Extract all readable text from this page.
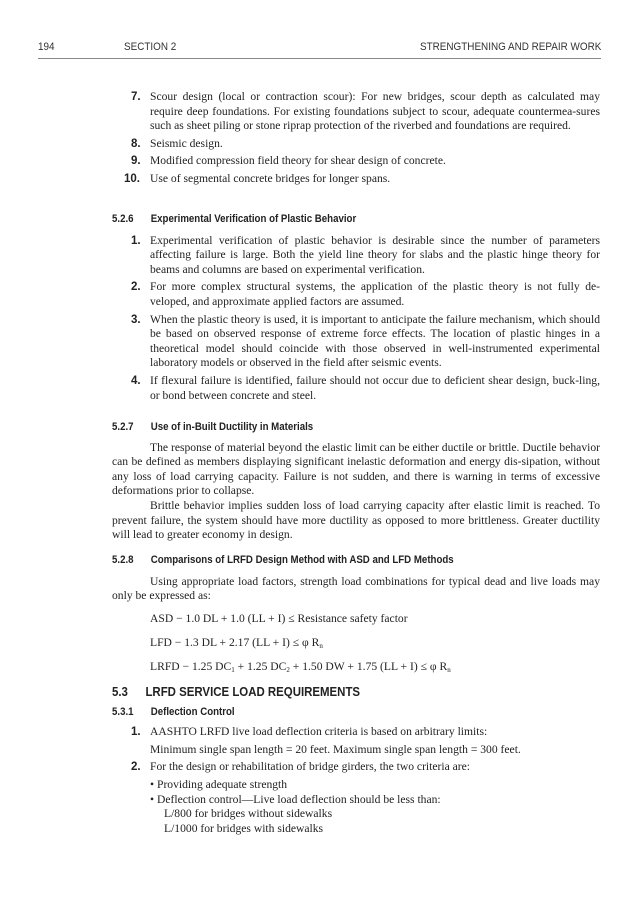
194	SECTION 2	STRENGTHENING AND REPAIR WORK
7. Scour design (local or contraction scour): For new bridges, scour depth as calculated may require deep foundations. For existing foundations subject to scour, adequate countermea-sures such as sheet piling or stone riprap protection of the riverbed and foundations are required.
8. Seismic design.
9. Modified compression field theory for shear design of concrete.
10. Use of segmental concrete bridges for longer spans.
5.2.6 Experimental Verification of Plastic Behavior
1. Experimental verification of plastic behavior is desirable since the number of parameters affecting failure is large. Both the yield line theory for slabs and the plastic hinge theory for beams and columns are based on experimental verification.
2. For more complex structural systems, the application of the plastic theory is not fully de-veloped, and approximate applied factors are assumed.
3. When the plastic theory is used, it is important to anticipate the failure mechanism, which should be based on observed response of extreme force effects. The location of plastic hinges in a theoretical model should coincide with those observed in well-instrumented experimental laboratory models or observed in the field after seismic events.
4. If flexural failure is identified, failure should not occur due to deficient shear design, buck-ling, or bond between concrete and steel.
5.2.7 Use of in-Built Ductility in Materials

The response of material beyond the elastic limit can be either ductile or brittle. Ductile behavior can be defined as members displaying significant inelastic deformation and energy dis-sipation, without any loss of load carrying capacity. Failure is not sudden, and there is warning in terms of excessive deformations prior to collapse.

Brittle behavior implies sudden loss of load carrying capacity after elastic limit is reached. To prevent failure, the system should have more ductility as opposed to more brittleness. Greater ductility will lead to greater economy in design.

5.2.8 Comparisons of LRFD Design Method with ASD and LFD Methods

Using appropriate load factors, strength load combinations for typical dead and live loads may only be expressed as:

ASD − 1.0 DL + 1.0 (LL + I) ≤ Resistance safety factor
LFD − 1.3 DL + 2.17 (LL + I) ≤ φ $R_n$
LRFD − 1.25 $DC_1 + 1.25$ $DC_2 + 1.50$ DW + 1.75 (LL + I) ≤ φ $R_n$
5.3 LRFD SERVICE LOAD REQUIREMENTS
5.3.1 Deflection Control
1. AASHTO LRFD live load deflection criteria is based on arbitrary limits:
Minimum single span length = 20 feet. Maximum single span length = 300 feet.
2. For the design or rehabilitation of bridge girders, the two criteria are:
• Providing adequate strength
• Deflection control—Live load deflection should be less than:
L/800 for bridges without sidewalks
L/1000 for bridges with sidewalks
